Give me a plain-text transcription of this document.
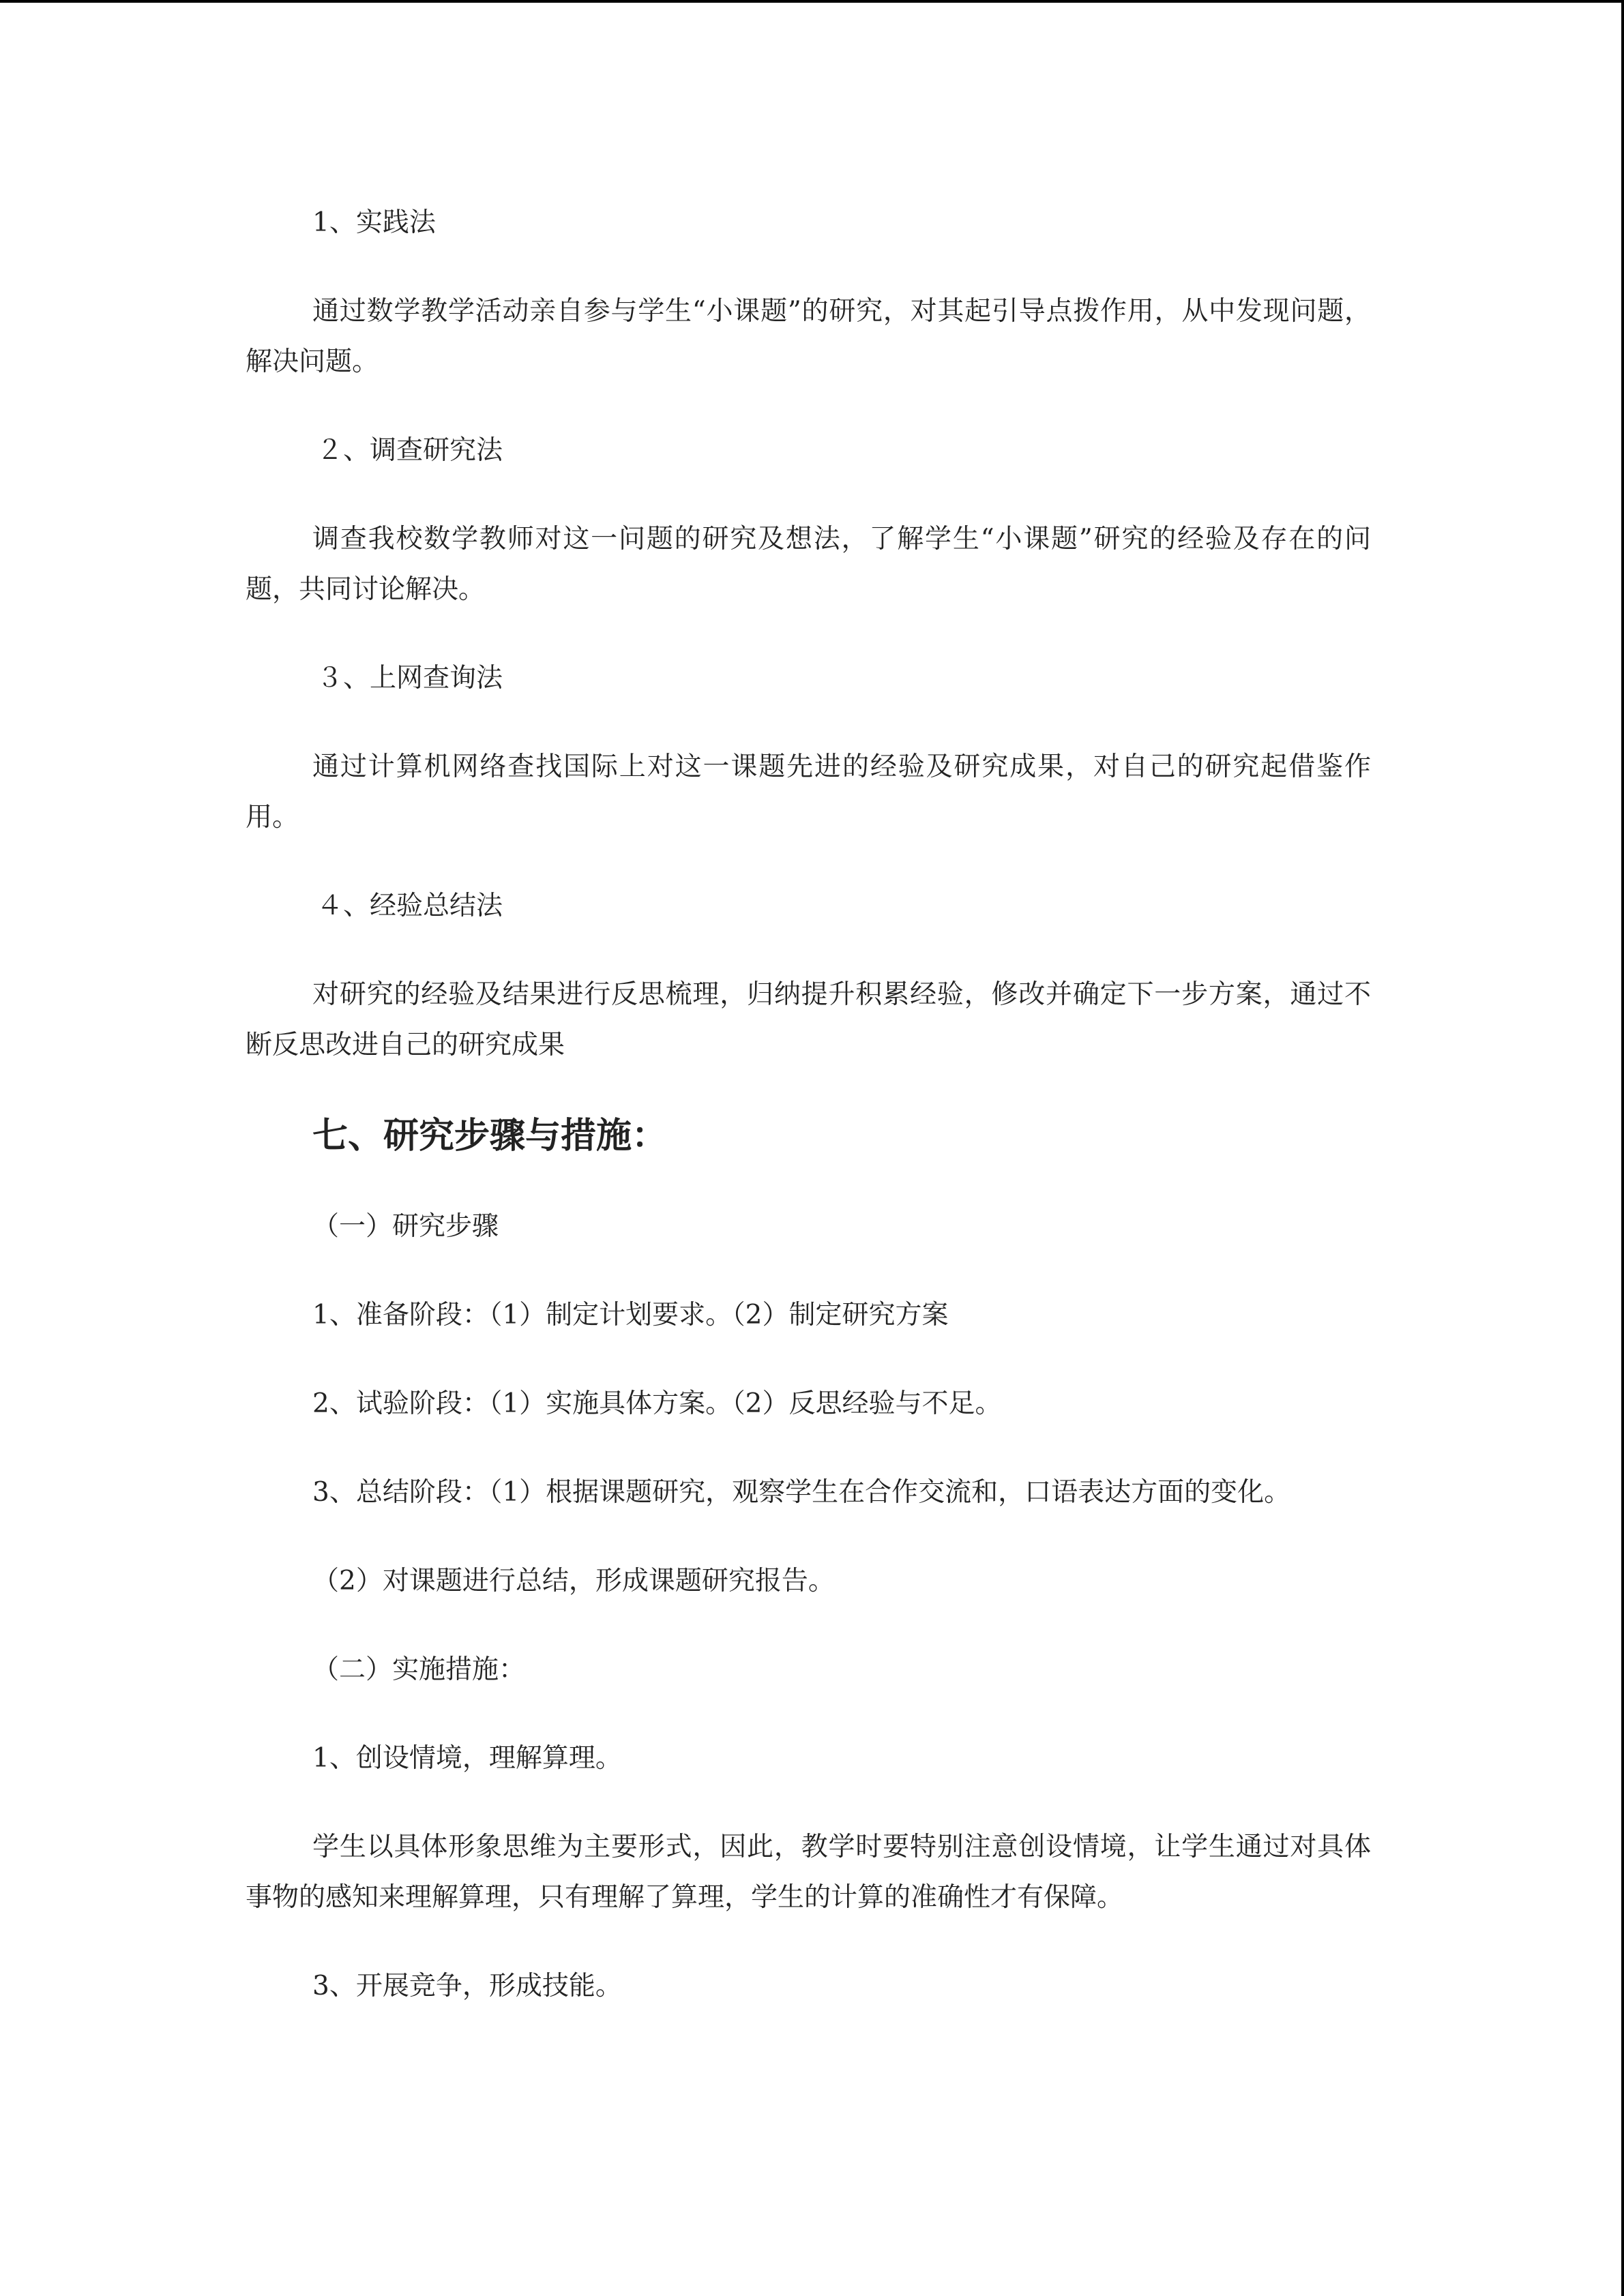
1、实践法

通过数学教学活动亲自参与学生“小课题”的研究，对其起引导点拨作用，从中发现问题，解决问题。

２、调查研究法

调查我校数学教师对这一问题的研究及想法，了解学生“小课题”研究的经验及存在的问题，共同讨论解决。

３、上网查询法

通过计算机网络查找国际上对这一课题先进的经验及研究成果，对自己的研究起借鉴作用。

４、经验总结法

对研究的经验及结果进行反思梳理，归纳提升积累经验，修改并确定下一步方案，通过不断反思改进自己的研究成果

七、研究步骤与措施：

（一）研究步骤

1、准备阶段：（1）制定计划要求。（2）制定研究方案

2、试验阶段：（1）实施具体方案。（2）反思经验与不足。

3、总结阶段：（1）根据课题研究，观察学生在合作交流和，口语表达方面的变化。

（2）对课题进行总结，形成课题研究报告。

（二）实施措施：

1、创设情境，理解算理。

学生以具体形象思维为主要形式，因此，教学时要特别注意创设情境，让学生通过对具体事物的感知来理解算理，只有理解了算理，学生的计算的准确性才有保障。

3、开展竞争，形成技能。
